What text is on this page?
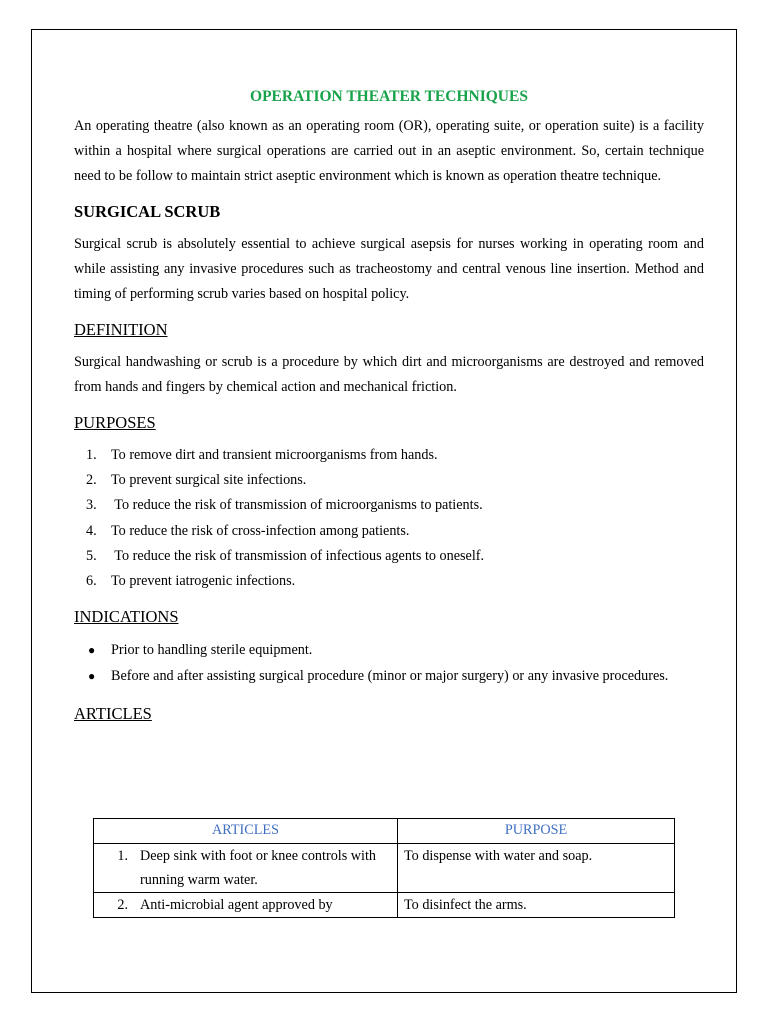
OPERATION THEATER TECHNIQUES

An operating theatre (also known as an operating room (OR), operating suite, or operation suite) is a facility within a hospital where surgical operations are carried out in an aseptic environment. So, certain technique need to be follow to maintain strict aseptic environment which is known as operation theatre technique.

SURGICAL SCRUB

Surgical scrub is absolutely essential to achieve surgical asepsis for nurses working in operating room and while assisting any invasive procedures such as tracheostomy and central venous line insertion. Method and timing of performing scrub varies based on hospital policy.

DEFINITION

Surgical handwashing or scrub is a procedure by which dirt and microorganisms are destroyed and removed from hands and fingers by chemical action and mechanical friction.

PURPOSES
1.	To remove dirt and transient microorganisms from hands.
2.	To prevent surgical site infections.
3.	To reduce the risk of transmission of microorganisms to patients.
4.	To reduce the risk of cross-infection among patients.
5.	To reduce the risk of transmission of infectious agents to oneself.
6.	To prevent iatrogenic infections.
INDICATIONS
●	Prior to handling sterile equipment.
●	Before and after assisting surgical procedure (minor or major surgery) or any invasive procedures.
ARTICLES
ARTICLES	PURPOSE

1. Deep sink with foot or knee controls with running warm water.	To dispense with water and soap.

2. Anti-microbial agent approved by	To disinfect the arms.
